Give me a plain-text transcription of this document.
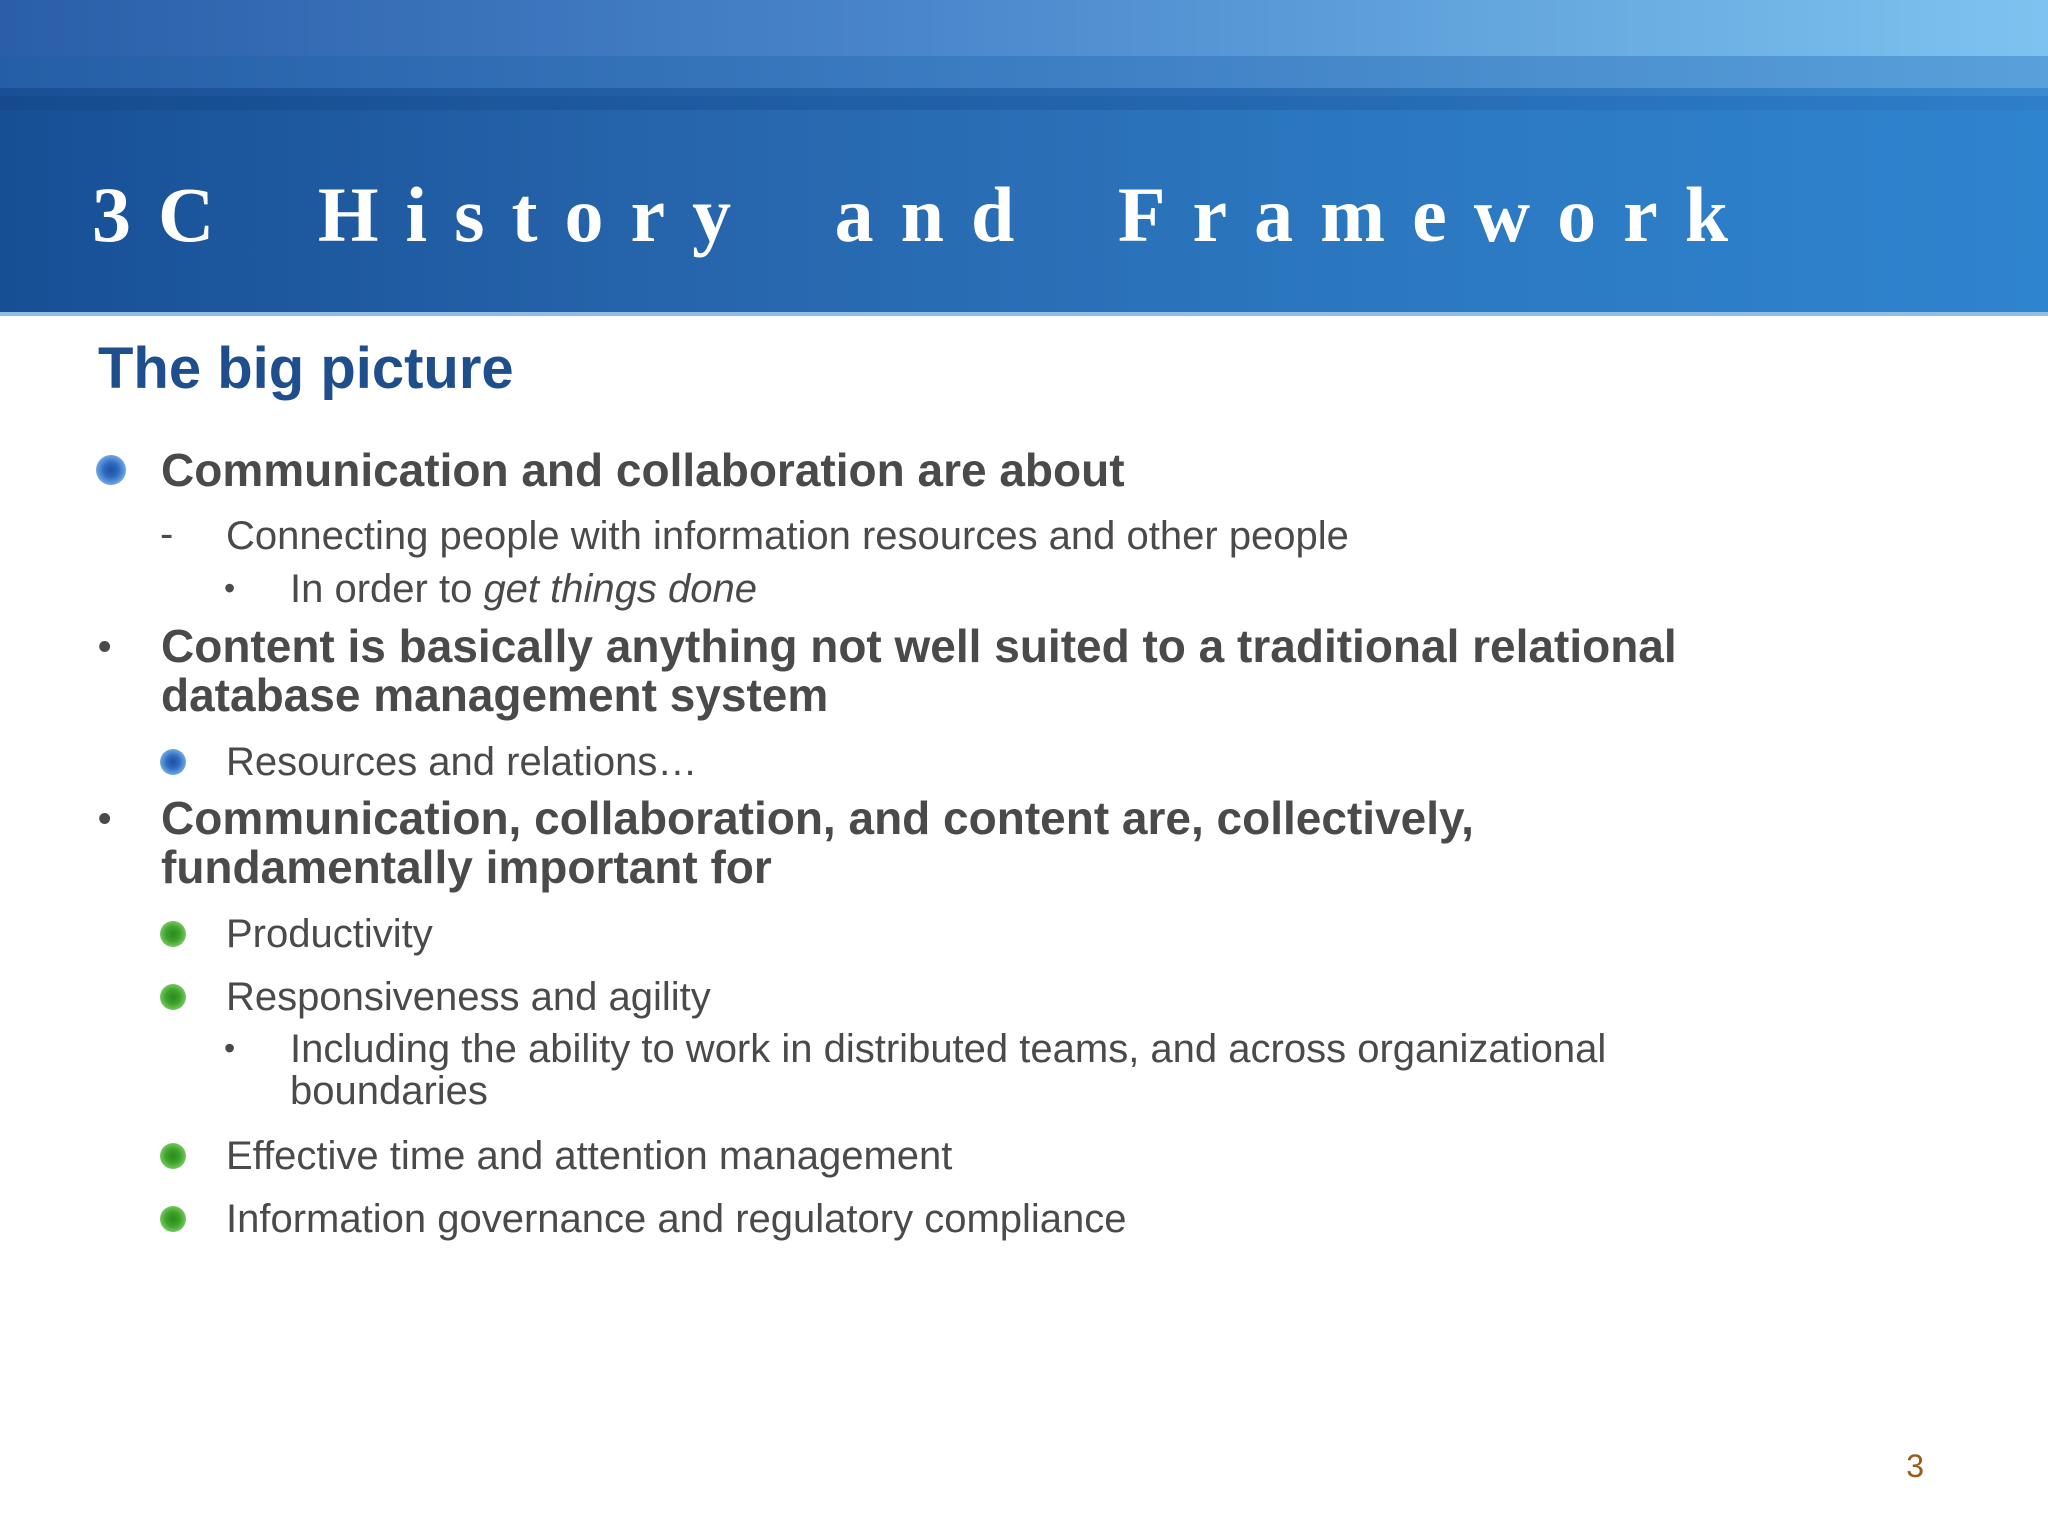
3C History and Framework
The big picture
Communication and collaboration are about
- Connecting people with information resources and other people
• In order to get things done
• Content is basically anything not well suited to a traditional relational database management system
Resources and relations…
• Communication, collaboration, and content are, collectively, fundamentally important for
Productivity
Responsiveness and agility
• Including the ability to work in distributed teams, and across organizational boundaries
Effective time and attention management
Information governance and regulatory compliance
3
